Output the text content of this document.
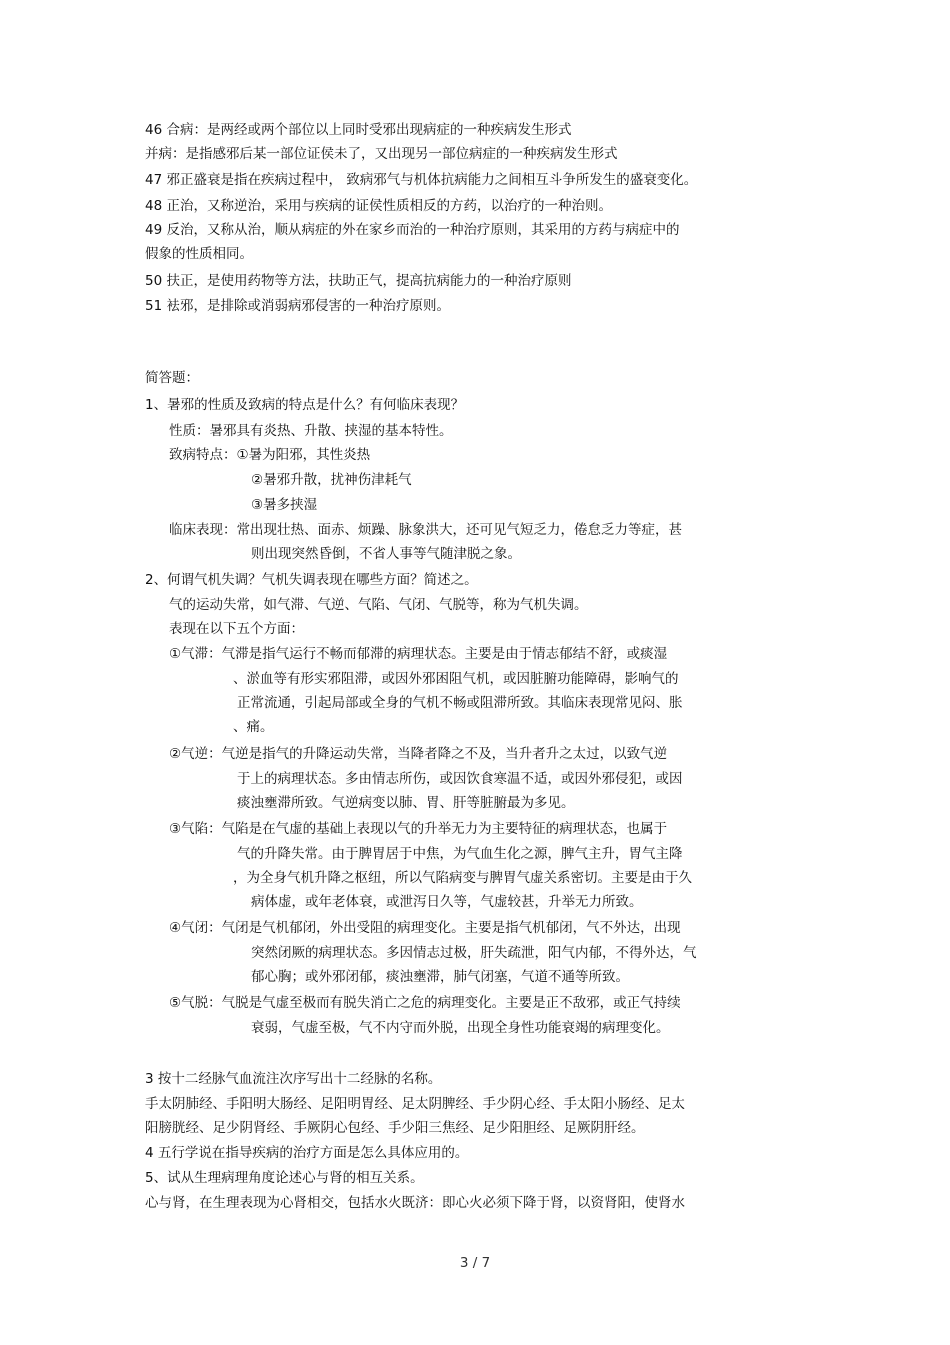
46 合病：是两经或两个部位以上同时受邪出现病症的一种疾病发生形式
并病：是指感邪后某一部位证侯未了，又出现另一部位病症的一种疾病发生形式
47 邪正盛衰是指在疾病过程中， 致病邪气与机体抗病能力之间相互斗争所发生的盛衰变化。
48 正治，又称逆治，采用与疾病的证侯性质相反的方药，以治疗的一种治则。
49 反治，又称从治，顺从病症的外在家乡而治的一种治疗原则，其采用的方药与病症中的
假象的性质相同。
50 扶正，是使用药物等方法，扶助正气，提高抗病能力的一种治疗原则
51 袪邪，是排除或消弱病邪侵害的一种治疗原则。
简答题：
1、暑邪的性质及致病的特点是什么？有何临床表现？
性质：暑邪具有炎热、升散、挟湿的基本特性。
致病特点：①暑为阳邪，其性炎热
②暑邪升散，扰神伤津耗气
③暑多挟湿
临床表现：常出现壮热、面赤、烦躁、脉象洪大，还可见气短乏力，倦怠乏力等症，甚
则出现突然昏倒，不省人事等气随津脱之象。
2、何谓气机失调？气机失调表现在哪些方面？简述之。
气的运动失常，如气滞、气逆、气陷、气闭、气脱等，称为气机失调。
表现在以下五个方面：
①气滞：气滞是指气运行不畅而郁滞的病理状态。主要是由于情志郁结不舒，或痰湿
、淤血等有形实邪阻滞，或因外邪困阻气机，或因脏腑功能障碍，影响气的
正常流通，引起局部或全身的气机不畅或阻滞所致。其临床表现常见闷、胀
、痛。
②气逆：气逆是指气的升降运动失常，当降者降之不及，当升者升之太过，以致气逆
于上的病理状态。多由情志所伤，或因饮食寒温不适，或因外邪侵犯，或因
痰浊壅滞所致。气逆病变以肺、胃、肝等脏腑最为多见。
③气陷：气陷是在气虚的基础上表现以气的升举无力为主要特征的病理状态，也属于
气的升降失常。由于脾胃居于中焦，为气血生化之源，脾气主升，胃气主降
，为全身气机升降之枢纽，所以气陷病变与脾胃气虚关系密切。主要是由于久
病体虚，或年老体衰，或泄泻日久等，气虚较甚，升举无力所致。
④气闭：气闭是气机郁闭，外出受阻的病理变化。主要是指气机郁闭，气不外达，出现
突然闭厥的病理状态。多因情志过极，肝失疏泄，阳气内郁，不得外达，气
郁心胸；或外邪闭郁，痰浊壅滞，肺气闭塞，气道不通等所致。
⑤气脱：气脱是气虚至极而有脱失消亡之危的病理变化。主要是正不敌邪，或正气持续
衰弱，气虚至极，气不内守而外脱，出现全身性功能衰竭的病理变化。
3 按十二经脉气血流注次序写出十二经脉的名称。
手太阴肺经、手阳明大肠经、足阳明胃经、足太阴脾经、手少阴心经、手太阳小肠经、足太
阳膀胱经、足少阴肾经、手厥阴心包经、手少阳三焦经、足少阳胆经、足厥阴肝经。
4 五行学说在指导疾病的治疗方面是怎么具体应用的。
5、试从生理病理角度论述心与肾的相互关系。
心与肾，在生理表现为心肾相交，包括水火既济：即心火必须下降于肾，以资肾阳，使肾水
3 / 7
